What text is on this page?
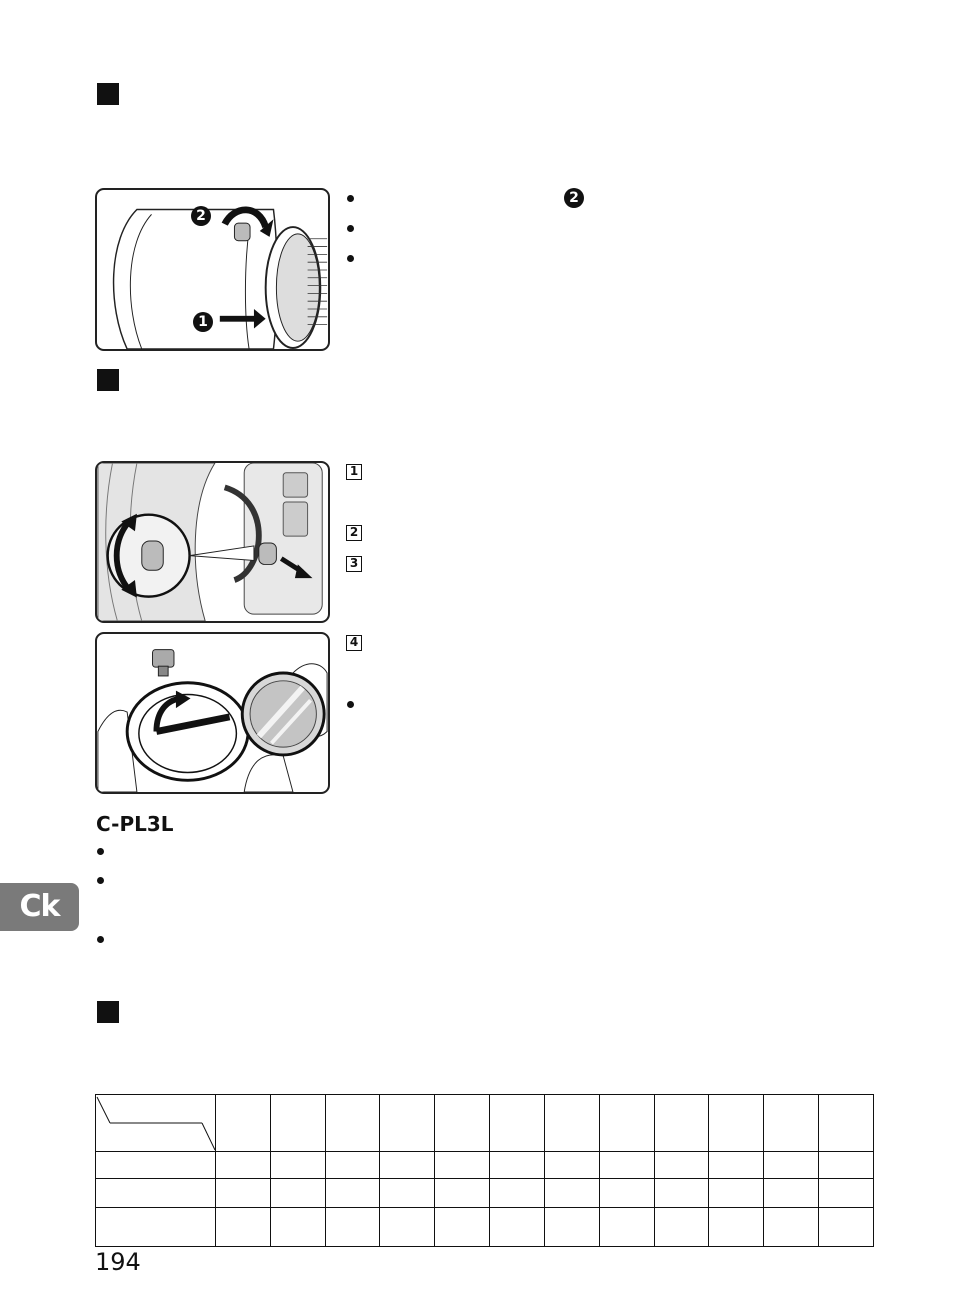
1
2
2
1
2
3
4
C-PL3L
Ck

194
